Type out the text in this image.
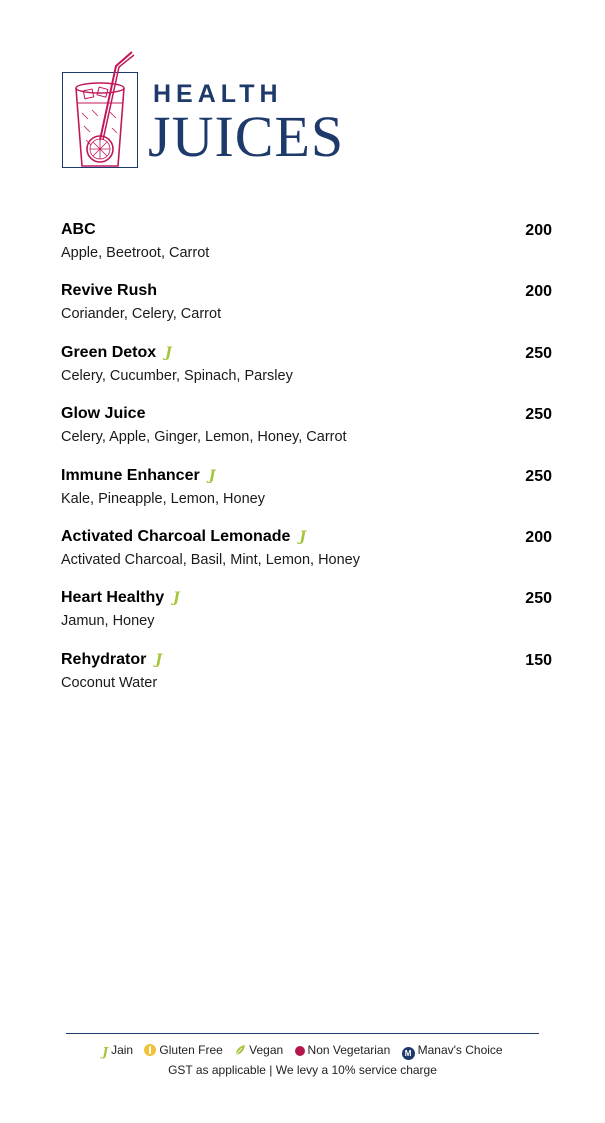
HEALTH
JUICES
ABC	200
Apple, Beetroot, Carrot
Revive Rush	200
Coriander, Celery, Carrot
Green Detox J	250
Celery, Cucumber, Spinach, Parsley
Glow Juice	250
Celery, Apple, Ginger, Lemon, Honey, Carrot
Immune Enhancer J	250
Kale, Pineapple, Lemon, Honey
Activated Charcoal Lemonade J	200
Activated Charcoal, Basil, Mint, Lemon, Honey
Heart Healthy J	250
Jamun, Honey
Rehydrator J	150
Coconut Water
J Jain Gluten Free Vegan Non Vegetarian M Manav's Choice
GST as applicable | We levy a 10% service charge
